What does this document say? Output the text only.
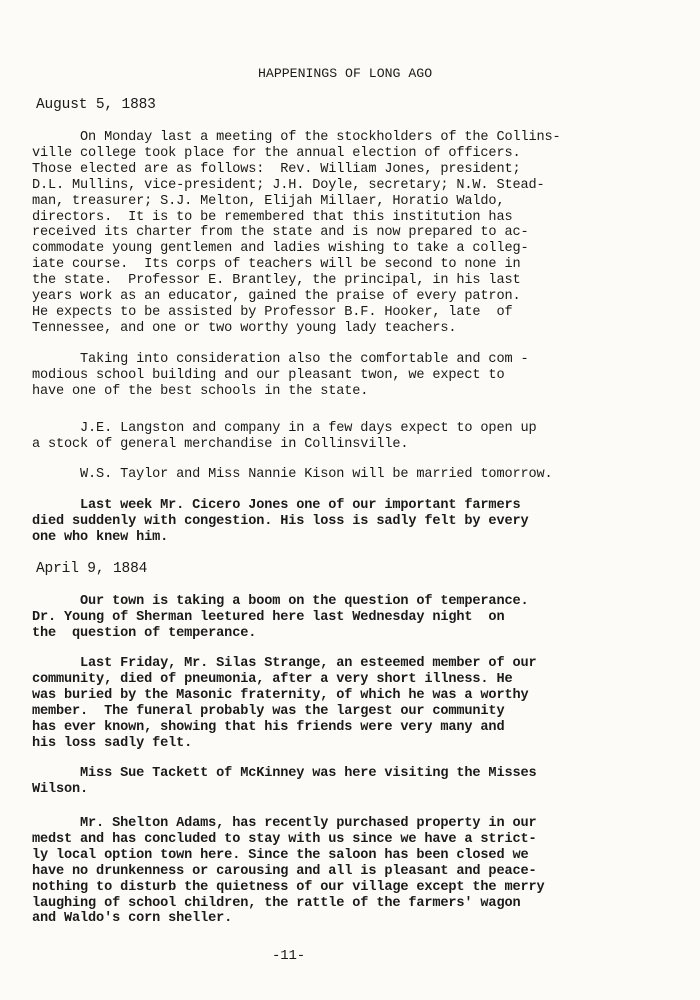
HAPPENINGS OF LONG AGO
August 5, 1883
On Monday last a meeting of the stockholders of the Collins-
ville college took place for the annual election of officers.
Those elected are as follows:  Rev. William Jones, president;
D.L. Mullins, vice-president; J.H. Doyle, secretary; N.W. Stead-
man, treasurer; S.J. Melton, Elijah Millaer, Horatio Waldo,
directors.  It is to be remembered that this institution has
received its charter from the state and is now prepared to ac-
commodate young gentlemen and ladies wishing to take a colleg-
iate course.  Its corps of teachers will be second to none in
the state.  Professor E. Brantley, the principal, in his last
years work as an educator, gained the praise of every patron.
He expects to be assisted by Professor B.F. Hooker, late  of
Tennessee, and one or two worthy young lady teachers.
Taking into consideration also the comfortable and com -
modious school building and our pleasant twon, we expect to
have one of the best schools in the state.
J.E. Langston and company in a few days expect to open up
a stock of general merchandise in Collinsville.
W.S. Taylor and Miss Nannie Kison will be married tomorrow.
Last week Mr. Cicero Jones one of our important farmers
died suddenly with congestion. His loss is sadly felt by every
one who knew him.
April 9, 1884
Our town is taking a boom on the question of temperance.
Dr. Young of Sherman leetured here last Wednesday night  on
the  question of temperance.
Last Friday, Mr. Silas Strange, an esteemed member of our
community, died of pneumonia, after a very short illness. He
was buried by the Masonic fraternity, of which he was a worthy
member.  The funeral probably was the largest our community
has ever known, showing that his friends were very many and
his loss sadly felt.
Miss Sue Tackett of McKinney was here visiting the Misses
Wilson.
Mr. Shelton Adams, has recently purchased property in our
medst and has concluded to stay with us since we have a strict-
ly local option town here. Since the saloon has been closed we
have no drunkenness or carousing and all is pleasant and peace-
nothing to disturb the quietness of our village except the merry
laughing of school children, the rattle of the farmers' wagon
and Waldo's corn sheller.
-11-
